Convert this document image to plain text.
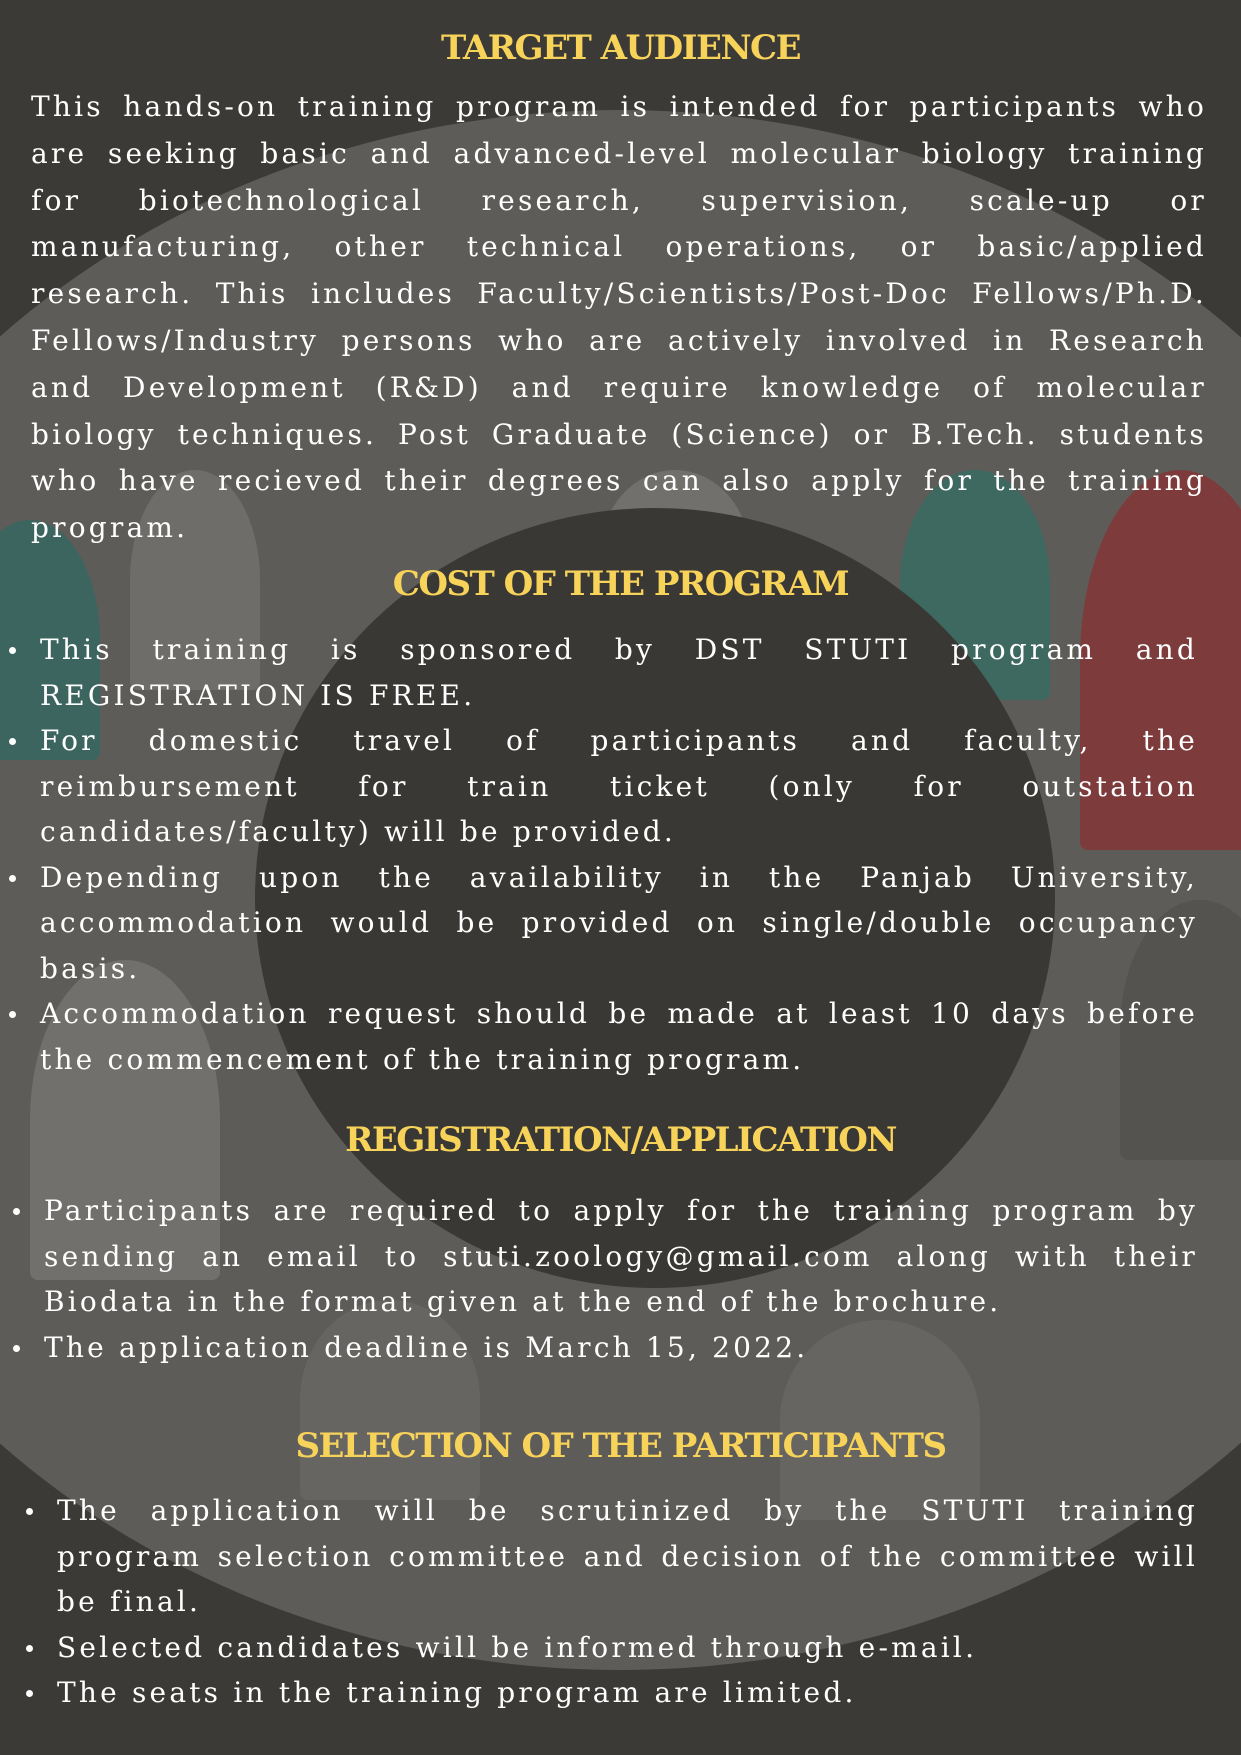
TARGET AUDIENCE

This hands-on training program is intended for participants who are seeking basic and advanced-level molecular biology training for biotechnological research, supervision, scale-up or manufacturing, other technical operations, or basic/applied research. This includes Faculty/Scientists/Post-Doc Fellows/Ph.D. Fellows/Industry persons who are actively involved in Research and Development (R&D) and require knowledge of molecular biology techniques. Post Graduate (Science) or B.Tech. students who have recieved their degrees can also apply for the training program.

COST OF THE PROGRAM
This training is sponsored by DST STUTI program and REGISTRATION IS FREE.
For domestic travel of participants and faculty, the reimbursement for train ticket (only for outstation candidates/faculty) will be provided.
Depending upon the availability in the Panjab University, accommodation would be provided on single/double occupancy basis.
Accommodation request should be made at least 10 days before the commencement of the training program.
REGISTRATION/APPLICATION
Participants are required to apply for the training program by sending an email to stuti.zoology@gmail.com along with their Biodata in the format given at the end of the brochure.
The application deadline is March 15, 2022.
SELECTION OF THE PARTICIPANTS
The application will be scrutinized by the STUTI training program selection committee and decision of the committee will be final.
Selected candidates will be informed through e-mail.
The seats in the training program are limited.
